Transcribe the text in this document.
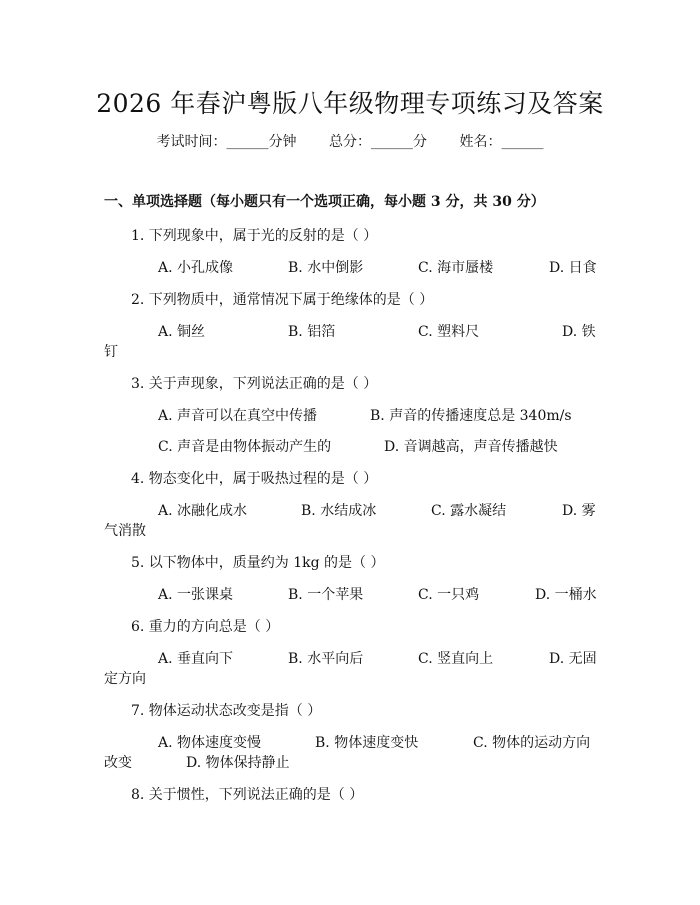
2026 年春沪粤版八年级物理专项练习及答案
考试时间：______分钟 总分：______分 姓名：______
一、单项选择题（每小题只有一个选项正确，每小题 3 分，共 30 分）
1. 下列现象中，属于光的反射的是（ ）
A. 小孔成像	B. 水中倒影	C. 海市蜃楼	D. 日食
2. 下列物质中，通常情况下属于绝缘体的是（ ）
A. 铜丝	B. 铝箔	C. 塑料尺	D. 铁
钉
3. 关于声现象，下列说法正确的是（ ）
A. 声音可以在真空中传播	B. 声音的传播速度总是 340m/s
C. 声音是由物体振动产生的	D. 音调越高，声音传播越快
4. 物态变化中，属于吸热过程的是（ ）
A. 冰融化成水	B. 水结成冰	C. 露水凝结	D. 雾
气消散
5. 以下物体中，质量约为 1kg 的是（ ）
A. 一张课桌	B. 一个苹果	C. 一只鸡	D. 一桶水
6. 重力的方向总是（ ）
A. 垂直向下	B. 水平向后	C. 竖直向上	D. 无固
定方向
7. 物体运动状态改变是指（ ）
A. 物体速度变慢	B. 物体速度变快	C. 物体的运动方向
改变	D. 物体保持静止
8. 关于惯性，下列说法正确的是（ ）
